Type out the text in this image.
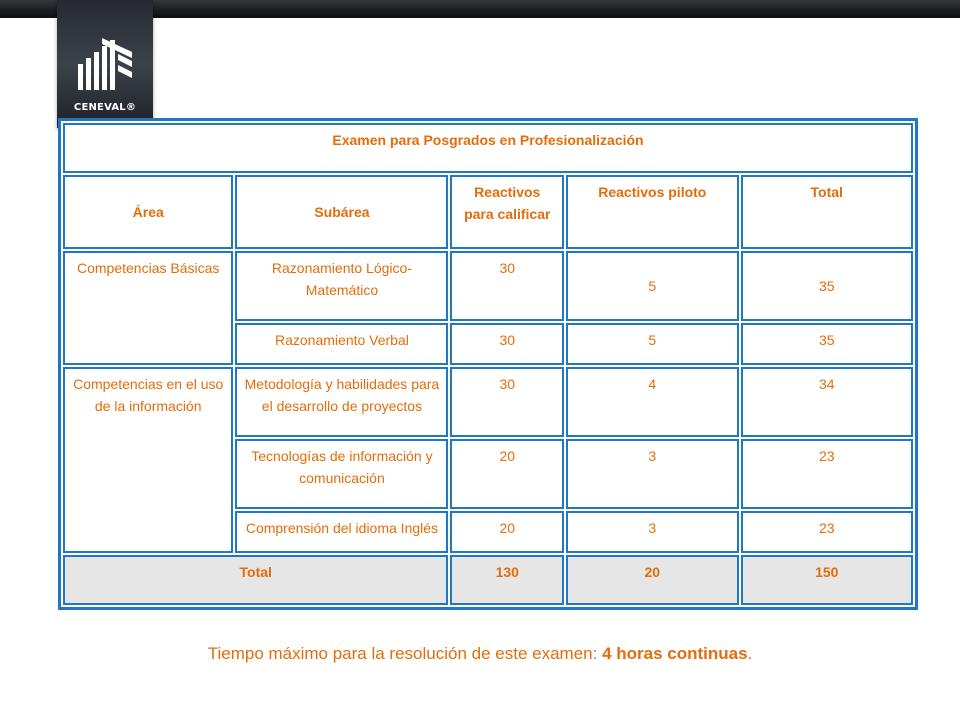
CENEVAL®
Examen para Posgrados en Profesionalización				
Área	Subárea	Reactivos para calificar	Reactivos piloto	Total
Competencias Básicas	Razonamiento Lógico-Matemático	30	5	35
	Razonamiento Verbal	30	5	35
Competencias en el uso de la información	Metodología y habilidades para el desarrollo de proyectos	30	4	34
	Tecnologías de información y comunicación	20	3	23
	Comprensión del idioma Inglés	20	3	23
Total		130	20	150
Tiempo máximo para la resolución de este examen: 4 horas continuas.
